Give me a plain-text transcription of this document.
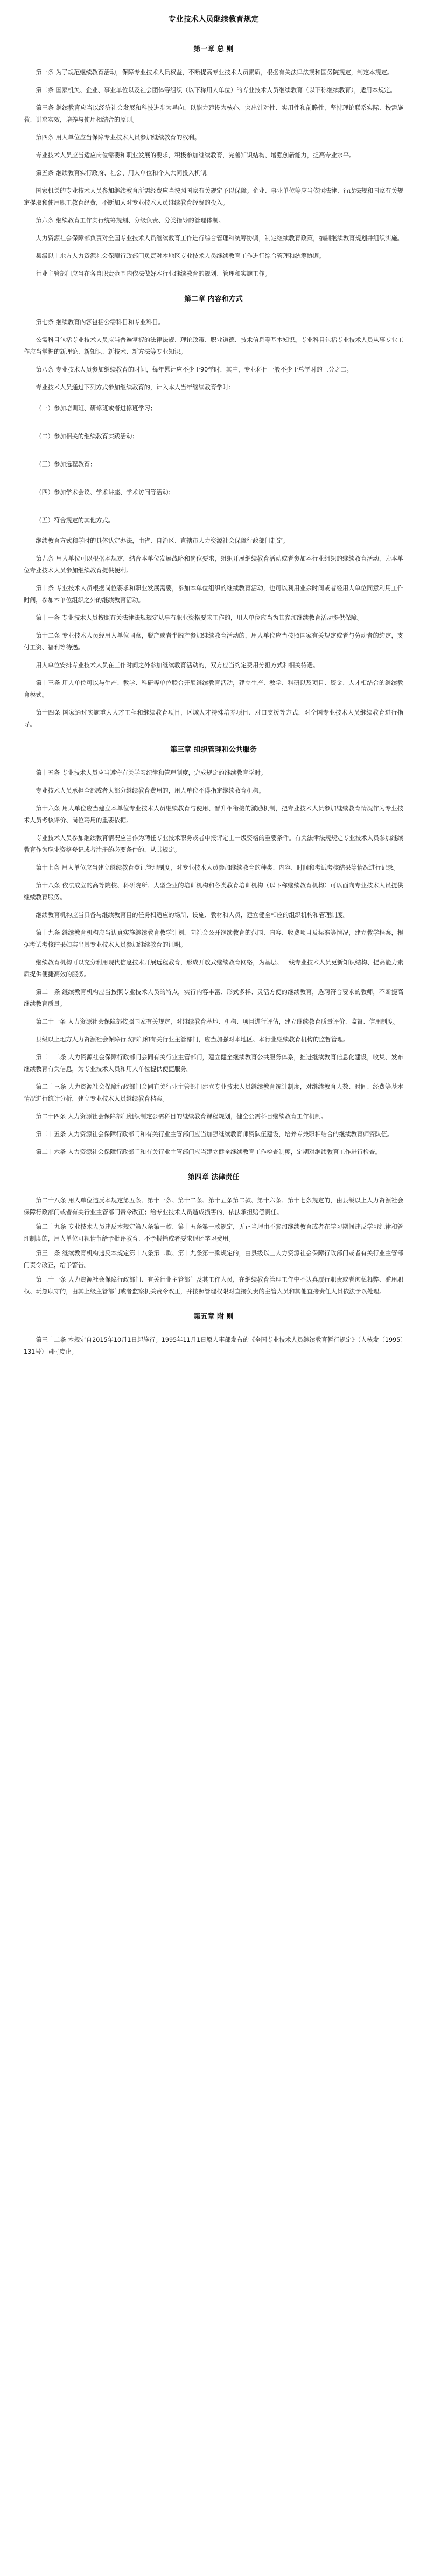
专业技术人员继续教育规定
第一章 总 则

第一条 为了规范继续教育活动，保障专业技术人员权益，不断提高专业技术人员素质，根据有关法律法规和国务院规定，制定本规定。

第二条 国家机关、企业、事业单位以及社会团体等组织（以下称用人单位）的专业技术人员继续教育（以下称继续教育），适用本规定。

第三条 继续教育应当以经济社会发展和科技进步为导向，以能力建设为核心，突出针对性、实用性和前瞻性，坚持理论联系实际、按需施教、讲求实效，培养与使用相结合的原则。

第四条 用人单位应当保障专业技术人员参加继续教育的权利。

专业技术人员应当适应岗位需要和职业发展的要求，积极参加继续教育，完善知识结构、增强创新能力，提高专业水平。

第五条 继续教育实行政府、社会、用人单位和个人共同投入机制。

国家机关的专业技术人员参加继续教育所需经费应当按照国家有关规定予以保障。企业、事业单位等应当依照法律、行政法规和国家有关规定提取和使用职工教育经费，不断加大对专业技术人员继续教育经费的投入。

第六条 继续教育工作实行统筹规划、分级负责、分类指导的管理体制。

人力资源社会保障部负责对全国专业技术人员继续教育工作进行综合管理和统筹协调，制定继续教育政策，编制继续教育规划并组织实施。

县级以上地方人力资源社会保障行政部门负责对本地区专业技术人员继续教育工作进行综合管理和统筹协调。

行业主管部门应当在各自职责范围内依法做好本行业继续教育的规划、管理和实施工作。

第二章 内容和方式

第七条 继续教育内容包括公需科目和专业科目。

公需科目包括专业技术人员应当普遍掌握的法律法规、理论政策、职业道德、技术信息等基本知识。专业科目包括专业技术人员从事专业工作应当掌握的新理论、新知识、新技术、新方法等专业知识。

第八条 专业技术人员参加继续教育的时间，每年累计应不少于90学时，其中，专业科目一般不少于总学时的三分之二。

专业技术人员通过下列方式参加继续教育的，计入本人当年继续教育学时：

（一）参加培训班、研修班或者进修班学习；

（二）参加相关的继续教育实践活动；

（三）参加远程教育；

（四）参加学术会议、学术讲座、学术访问等活动；

（五）符合规定的其他方式。

继续教育方式和学时的具体认定办法，由省、自治区、直辖市人力资源社会保障行政部门制定。

第九条 用人单位可以根据本规定，结合本单位发展战略和岗位要求，组织开展继续教育活动或者参加本行业组织的继续教育活动，为本单位专业技术人员参加继续教育提供便利。

第十条 专业技术人员根据岗位要求和职业发展需要，参加本单位组织的继续教育活动，也可以利用业余时间或者经用人单位同意利用工作时间，参加本单位组织之外的继续教育活动。

第十一条 专业技术人员按照有关法律法规规定从事有职业资格要求工作的，用人单位应当为其参加继续教育活动提供保障。

第十二条 专业技术人员经用人单位同意，脱产或者半脱产参加继续教育活动的，用人单位应当按照国家有关规定或者与劳动者的约定，支付工资、福利等待遇。

用人单位安排专业技术人员在工作时间之外参加继续教育活动的，双方应当约定费用分担方式和相关待遇。

第十三条 用人单位可以与生产、教学、科研等单位联合开展继续教育活动，建立生产、教学、科研以及项目、资金、人才相结合的继续教育模式。

第十四条 国家通过实施重大人才工程和继续教育项目，区域人才特殊培养项目、对口支援等方式，对全国专业技术人员继续教育进行指导。

第三章 组织管理和公共服务

第十五条 专业技术人员应当遵守有关学习纪律和管理制度，完成规定的继续教育学时。

专业技术人员承担全部或者大部分继续教育费用的，用人单位不得指定继续教育机构。

第十六条 用人单位应当建立本单位专业技术人员继续教育与使用、晋升相衔接的激励机制，把专业技术人员参加继续教育情况作为专业技术人员考核评价、岗位聘用的重要依据。

专业技术人员参加继续教育情况应当作为聘任专业技术职务或者申报评定上一级资格的重要条件。有关法律法规规定专业技术人员参加继续教育作为职业资格登记或者注册的必要条件的，从其规定。

第十七条 用人单位应当建立继续教育登记管理制度，对专业技术人员参加继续教育的种类、内容、时间和考试考核结果等情况进行记录。

第十八条 依法成立的高等院校、科研院所、大型企业的培训机构和各类教育培训机构（以下称继续教育机构）可以面向专业技术人员提供继续教育服务。

继续教育机构应当具备与继续教育目的任务相适应的场所、设施、教材和人员，建立健全相应的组织机构和管理制度。

第十九条 继续教育机构应当认真实施继续教育教学计划，向社会公开继续教育的范围、内容、收费项目及标准等情况，建立教学档案，根据考试考核结果如实出具专业技术人员参加继续教育的证明。

继续教育机构可以充分利用现代信息技术开展远程教育，形成开放式继续教育网络，为基层、一线专业技术人员更新知识结构、提高能力素质提供便捷高效的服务。

第二十条 继续教育机构应当按照专业技术人员的特点，实行内容丰富、形式多样、灵活方便的继续教育，选聘符合要求的教师，不断提高继续教育质量。

第二十一条 人力资源社会保障部按照国家有关规定，对继续教育基地、机构、项目进行评估，建立继续教育质量评价、监督、信用制度。

县级以上地方人力资源社会保障行政部门和有关行业主管部门，应当加强对本地区、本行业继续教育机构的监督管理。

第二十二条 人力资源社会保障行政部门会同有关行业主管部门，建立健全继续教育公共服务体系，推进继续教育信息化建设，收集、发布继续教育有关信息，为专业技术人员和用人单位提供便捷服务。

第二十三条 人力资源社会保障行政部门会同有关行业主管部门建立专业技术人员继续教育统计制度，对继续教育人数、时间、经费等基本情况进行统计分析，建立专业技术人员继续教育档案。

第二十四条 人力资源社会保障部门组织制定公需科目的继续教育课程规划，健全公需科目继续教育工作机制。

第二十五条 人力资源社会保障行政部门和有关行业主管部门应当加强继续教育师资队伍建设，培养专兼职相结合的继续教育师资队伍。

第二十六条 人力资源社会保障行政部门和有关行业主管部门应当建立健全继续教育工作检查制度，定期对继续教育工作进行检查。

第四章 法律责任

第二十八条 用人单位违反本规定第五条、第十一条、第十二条、第十五条第二款、第十六条、第十七条规定的，由县级以上人力资源社会保障行政部门或者有关行业主管部门责令改正；给专业技术人员造成损害的，依法承担赔偿责任。

第二十九条 专业技术人员违反本规定第八条第一款、第十五条第一款规定，无正当理由不参加继续教育或者在学习期间违反学习纪律和管理制度的，用人单位可视情节给予批评教育、不予报销或者要求退还学习费用。

第三十条 继续教育机构违反本规定第十八条第二款、第十九条第一款规定的，由县级以上人力资源社会保障行政部门或者有关行业主管部门责令改正，给予警告。

第三十一条 人力资源社会保障行政部门、有关行业主管部门及其工作人员，在继续教育管理工作中不认真履行职责或者徇私舞弊、滥用职权、玩忽职守的，由其上级主管部门或者监察机关责令改正，并按照管理权限对直接负责的主管人员和其他直接责任人员依法予以处理。

第五章 附 则

第三十二条 本规定自2015年10月1日起施行。1995年11月1日原人事部发布的《全国专业技术人员继续教育暂行规定》（人核发〔1995〕131号）同时废止。
